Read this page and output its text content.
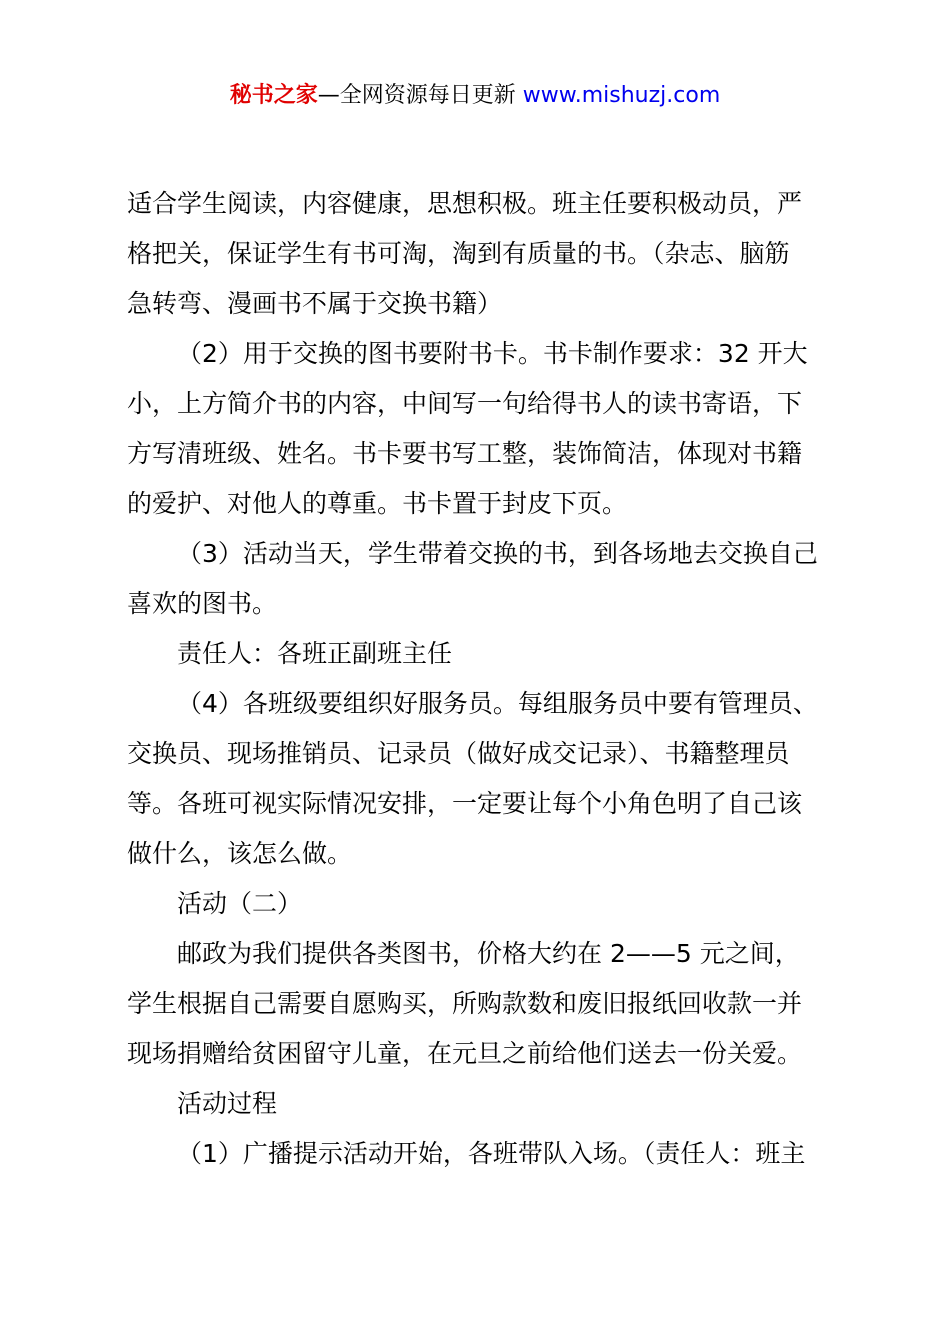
秘书之家—全网资源每日更新 www.mishuzj.com
适合学生阅读，内容健康，思想积极。班主任要积极动员，严
格把关，保证学生有书可淘，淘到有质量的书。（杂志、脑筋
急转弯、漫画书不属于交换书籍）
（2）用于交换的图书要附书卡。书卡制作要求：32 开大
小，上方简介书的内容，中间写一句给得书人的读书寄语，下
方写清班级、姓名。书卡要书写工整，装饰简洁，体现对书籍
的爱护、对他人的尊重。书卡置于封皮下页。
（3）活动当天，学生带着交换的书，到各场地去交换自己
喜欢的图书。
责任人：各班正副班主任
（4）各班级要组织好服务员。每组服务员中要有管理员、
交换员、现场推销员、记录员（做好成交记录）、书籍整理员
等。各班可视实际情况安排，一定要让每个小角色明了自己该
做什么，该怎么做。
活动（二）
邮政为我们提供各类图书，价格大约在 2——5 元之间，
学生根据自己需要自愿购买，所购款数和废旧报纸回收款一并
现场捐赠给贫困留守儿童，在元旦之前给他们送去一份关爱。
活动过程
（1）广播提示活动开始，各班带队入场。（责任人：班主
